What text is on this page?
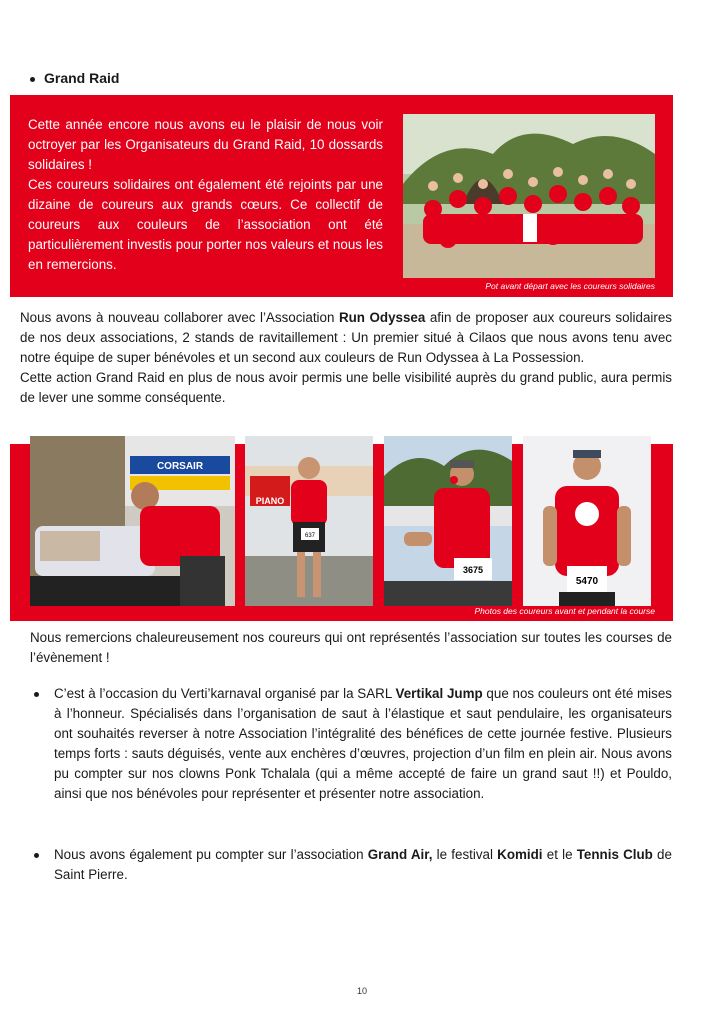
Grand Raid
Cette année encore nous avons eu le plaisir de nous voir octroyer par les Organisateurs du Grand Raid, 10 dossards solidaires !
Ces coureurs solidaires ont également été rejoints par une dizaine de coureurs aux grands cœurs. Ce collectif de coureurs aux couleurs de l’association ont été particulièrement investis pour porter nos valeurs et nous les en remercions.
Pot avant départ avec les coureurs solidaires
Nous avons à nouveau collaborer avec l’Association Run Odyssea afin de proposer aux coureurs solidaires de nos deux associations, 2 stands de ravitaillement : Un premier situé à Cilaos que nous avons tenu avec notre équipe de super bénévoles et un second aux couleurs de Run Odyssea à La Possession.
Cette action Grand Raid en plus de nous avoir permis une belle visibilité auprès du grand public, aura permis de lever une somme conséquente.
CORSAIR
PIANO
637
3675
5470
Photos des coureurs avant et pendant la course
Nous remercions chaleureusement nos coureurs qui ont représentés l’association sur toutes les courses de l’évènement !
C’est à l’occasion du Verti’karnaval organisé par la SARL Vertikal Jump que nos couleurs ont été mises à l’honneur. Spécialisés dans l’organisation de saut à l’élastique et saut pendulaire, les organisateurs ont souhaités reverser à notre Association l’intégralité des bénéfices de cette journée festive. Plusieurs temps forts : sauts déguisés, vente aux enchères d’œuvres, projection d’un film en plein air. Nous avons pu compter sur nos clowns Ponk Tchalala (qui a même accepté de faire un grand saut !!) et Pouldo, ainsi que nos bénévoles pour représenter et présenter notre association.
Nous avons également pu compter sur l’association Grand Air, le festival Komidi et le Tennis Club de Saint Pierre.
10
